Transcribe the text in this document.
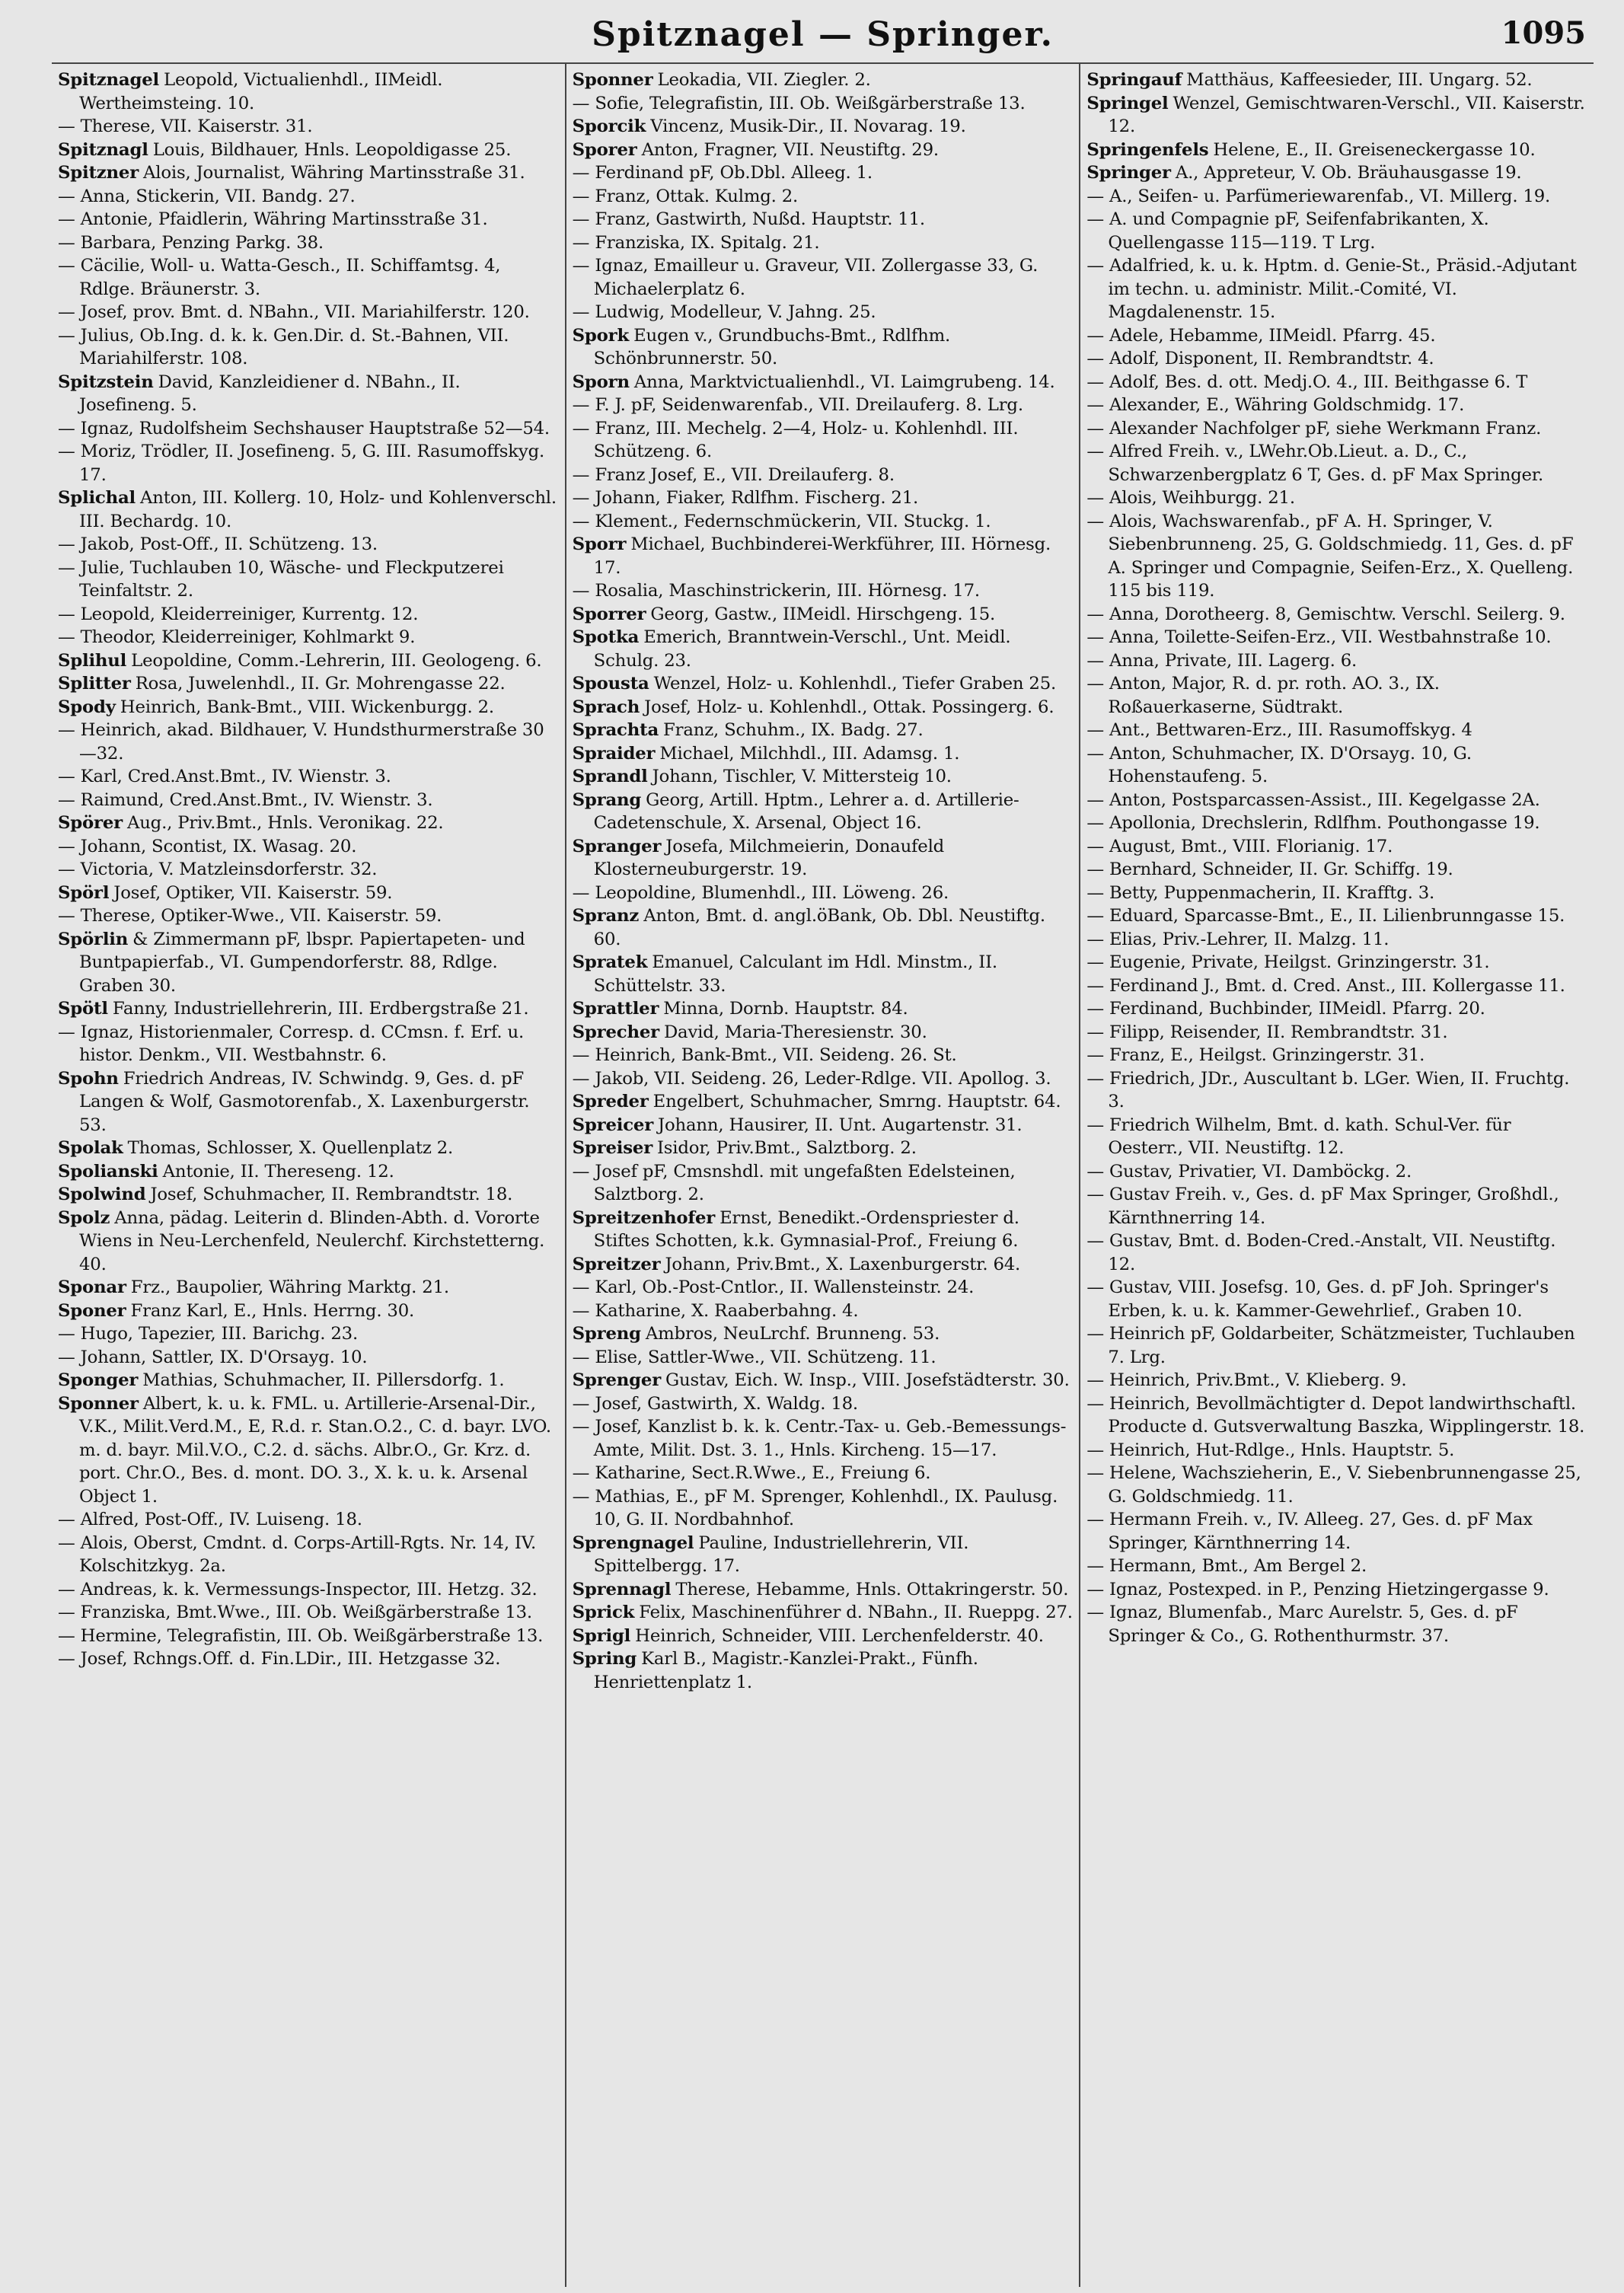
Spitznagel — Springer.	1095
Spitznagel Leopold, Victualienhdl., IIMeidl. Wertheimsteing. 10.
— Therese, VII. Kaiserstr. 31.
Spitznagl Louis, Bildhauer, Hnls. Leopoldigasse 25.
Spitzner Alois, Journalist, Währing Martinsstraße 31.
— Anna, Stickerin, VII. Bandg. 27.
— Antonie, Pfaidlerin, Währing Martinsstraße 31.
— Barbara, Penzing Parkg. 38.
— Cäcilie, Woll- u. Watta-Gesch., II. Schiffamtsg. 4, Rdlge. Bräunerstr. 3.
— Josef, prov. Bmt. d. NBahn., VII. Mariahilferstr. 120.
— Julius, Ob.Ing. d. k. k. Gen.Dir. d. St.-Bahnen, VII. Mariahilferstr. 108.
Spitzstein David, Kanzleidiener d. NBahn., II. Josefineng. 5.
— Ignaz, Rudolfsheim Sechshauser Hauptstraße 52—54.
— Moriz, Trödler, II. Josefineng. 5, G. III. Rasumoffskyg. 17.
Splichal Anton, III. Kollerg. 10, Holz- und Kohlenverschl. III. Bechardg. 10.
— Jakob, Post-Off., II. Schützeng. 13.
— Julie, Tuchlauben 10, Wäsche- und Fleckputzerei Teinfaltstr. 2.
— Leopold, Kleiderreiniger, Kurrentg. 12.
— Theodor, Kleiderreiniger, Kohlmarkt 9.
Splihul Leopoldine, Comm.-Lehrerin, III. Geologeng. 6.
Splitter Rosa, Juwelenhdl., II. Gr. Mohrengasse 22.
Spody Heinrich, Bank-Bmt., VIII. Wickenburgg. 2.
— Heinrich, akad. Bildhauer, V. Hundsthurmerstraße 30—32.
— Karl, Cred.Anst.Bmt., IV. Wienstr. 3.
— Raimund, Cred.Anst.Bmt., IV. Wienstr. 3.
Spörer Aug., Priv.Bmt., Hnls. Veronikag. 22.
— Johann, Scontist, IX. Wasag. 20.
— Victoria, V. Matzleinsdorferstr. 32.
Spörl Josef, Optiker, VII. Kaiserstr. 59.
— Therese, Optiker-Wwe., VII. Kaiserstr. 59.
Spörlin & Zimmermann pF, lbspr. Papiertapeten- und Buntpapierfab., VI. Gumpendorferstr. 88, Rdlge. Graben 30.
Spötl Fanny, Industriellehrerin, III. Erdbergstraße 21.
— Ignaz, Historienmaler, Corresp. d. CCmsn. f. Erf. u. histor. Denkm., VII. Westbahnstr. 6.
Spohn Friedrich Andreas, IV. Schwindg. 9, Ges. d. pF Langen & Wolf, Gasmotorenfab., X. Laxenburgerstr. 53.
Spolak Thomas, Schlosser, X. Quellenplatz 2.
Spolianski Antonie, II. Thereseng. 12.
Spolwind Josef, Schuhmacher, II. Rembrandtstr. 18.
Spolz Anna, pädag. Leiterin d. Blinden-Abth. d. Vororte Wiens in Neu-Lerchenfeld, Neulerchf. Kirchstetterng. 40.
Sponar Frz., Baupolier, Währing Marktg. 21.
Sponer Franz Karl, E., Hnls. Herrng. 30.
— Hugo, Tapezier, III. Barichg. 23.
— Johann, Sattler, IX. D'Orsayg. 10.
Sponger Mathias, Schuhmacher, II. Pillersdorfg. 1.
Sponner Albert, k. u. k. FML. u. Artillerie-Arsenal-Dir., V.K., Milit.Verd.M., E, R.d. r. Stan.O.2., C. d. bayr. LVO. m. d. bayr. Mil.V.O., C.2. d. sächs. Albr.O., Gr. Krz. d. port. Chr.O., Bes. d. mont. DO. 3., X. k. u. k. Arsenal Object 1.
— Alfred, Post-Off., IV. Luiseng. 18.
— Alois, Oberst, Cmdnt. d. Corps-Artill-Rgts. Nr. 14, IV. Kolschitzkyg. 2a.
— Andreas, k. k. Vermessungs-Inspector, III. Hetzg. 32.
— Franziska, Bmt.Wwe., III. Ob. Weißgärberstraße 13.
— Hermine, Telegrafistin, III. Ob. Weißgärberstraße 13.
— Josef, Rchngs.Off. d. Fin.LDir., III. Hetzgasse 32.
Sponner Leokadia, VII. Ziegler. 2.
— Sofie, Telegrafistin, III. Ob. Weißgärberstraße 13.
Sporcik Vincenz, Musik-Dir., II. Novarag. 19.
Sporer Anton, Fragner, VII. Neustiftg. 29.
— Ferdinand pF, Ob.Dbl. Alleeg. 1.
— Franz, Ottak. Kulmg. 2.
— Franz, Gastwirth, Nußd. Hauptstr. 11.
— Franziska, IX. Spitalg. 21.
— Ignaz, Emailleur u. Graveur, VII. Zollergasse 33, G. Michaelerplatz 6.
— Ludwig, Modelleur, V. Jahng. 25.
Spork Eugen v., Grundbuchs-Bmt., Rdlfhm. Schönbrunnerstr. 50.
Sporn Anna, Marktvictualienhdl., VI. Laimgrubeng. 14.
— F. J. pF, Seidenwarenfab., VII. Dreilauferg. 8. Lrg.
— Franz, III. Mechelg. 2—4, Holz- u. Kohlenhdl. III. Schützeng. 6.
— Franz Josef, E., VII. Dreilauferg. 8.
— Johann, Fiaker, Rdlfhm. Fischerg. 21.
— Klement., Federnschmückerin, VII. Stuckg. 1.
Sporr Michael, Buchbinderei-Werkführer, III. Hörnesg. 17.
— Rosalia, Maschinstrickerin, III. Hörnesg. 17.
Sporrer Georg, Gastw., IIMeidl. Hirschgeng. 15.
Spotka Emerich, Branntwein-Verschl., Unt. Meidl. Schulg. 23.
Spousta Wenzel, Holz- u. Kohlenhdl., Tiefer Graben 25.
Sprach Josef, Holz- u. Kohlenhdl., Ottak. Possingerg. 6.
Sprachta Franz, Schuhm., IX. Badg. 27.
Spraider Michael, Milchhdl., III. Adamsg. 1.
Sprandl Johann, Tischler, V. Mittersteig 10.
Sprang Georg, Artill. Hptm., Lehrer a. d. Artillerie-Cadetenschule, X. Arsenal, Object 16.
Spranger Josefa, Milchmeierin, Donaufeld Klosterneuburgerstr. 19.
— Leopoldine, Blumenhdl., III. Löweng. 26.
Spranz Anton, Bmt. d. angl.öBank, Ob. Dbl. Neustiftg. 60.
Spratek Emanuel, Calculant im Hdl. Minstm., II. Schüttelstr. 33.
Sprattler Minna, Dornb. Hauptstr. 84.
Sprecher David, Maria-Theresienstr. 30.
— Heinrich, Bank-Bmt., VII. Seideng. 26. St.
— Jakob, VII. Seideng. 26, Leder-Rdlge. VII. Apollog. 3.
Spreder Engelbert, Schuhmacher, Smrng. Hauptstr. 64.
Spreicer Johann, Hausirer, II. Unt. Augartenstr. 31.
Spreiser Isidor, Priv.Bmt., Salztborg. 2.
— Josef pF, Cmsnshdl. mit ungefaßten Edelsteinen, Salztborg. 2.
Spreitzenhofer Ernst, Benedikt.-Ordenspriester d. Stiftes Schotten, k.k. Gymnasial-Prof., Freiung 6.
Spreitzer Johann, Priv.Bmt., X. Laxenburgerstr. 64.
— Karl, Ob.-Post-Cntlor., II. Wallensteinstr. 24.
— Katharine, X. Raaberbahng. 4.
Spreng Ambros, NeuLrchf. Brunneng. 53.
— Elise, Sattler-Wwe., VII. Schützeng. 11.
Sprenger Gustav, Eich. W. Insp., VIII. Josefstädterstr. 30.
— Josef, Gastwirth, X. Waldg. 18.
— Josef, Kanzlist b. k. k. Centr.-Tax- u. Geb.-Bemessungs-Amte, Milit. Dst. 3. 1., Hnls. Kircheng. 15—17.
— Katharine, Sect.R.Wwe., E., Freiung 6.
— Mathias, E., pF M. Sprenger, Kohlenhdl., IX. Paulusg. 10, G. II. Nordbahnhof.
Sprengnagel Pauline, Industriellehrerin, VII. Spittelbergg. 17.
Sprennagl Therese, Hebamme, Hnls. Ottakringerstr. 50.
Sprick Felix, Maschinenführer d. NBahn., II. Rueppg. 27.
Sprigl Heinrich, Schneider, VIII. Lerchenfelderstr. 40.
Spring Karl B., Magistr.-Kanzlei-Prakt., Fünfh. Henriettenplatz 1.
Springauf Matthäus, Kaffeesieder, III. Ungarg. 52.
Springel Wenzel, Gemischtwaren-Verschl., VII. Kaiserstr. 12.
Springenfels Helene, E., II. Greiseneckergasse 10.
Springer A., Appreteur, V. Ob. Bräuhausgasse 19.
— A., Seifen- u. Parfümeriewarenfab., VI. Millerg. 19.
— A. und Compagnie pF, Seifenfabrikanten, X. Quellengasse 115—119. T Lrg.
— Adalfried, k. u. k. Hptm. d. Genie-St., Präsid.-Adjutant im techn. u. administr. Milit.-Comité, VI. Magdalenenstr. 15.
— Adele, Hebamme, IIMeidl. Pfarrg. 45.
— Adolf, Disponent, II. Rembrandtstr. 4.
— Adolf, Bes. d. ott. Medj.O. 4., III. Beithgasse 6. T
— Alexander, E., Währing Goldschmidg. 17.
— Alexander Nachfolger pF, siehe Werkmann Franz.
— Alfred Freih. v., LWehr.Ob.Lieut. a. D., C., Schwarzenbergplatz 6 T, Ges. d. pF Max Springer.
— Alois, Weihburgg. 21.
— Alois, Wachswarenfab., pF A. H. Springer, V. Siebenbrunneng. 25, G. Goldschmiedg. 11, Ges. d. pF A. Springer und Compagnie, Seifen-Erz., X. Quelleng. 115 bis 119.
— Anna, Dorotheerg. 8, Gemischtw. Verschl. Seilerg. 9.
— Anna, Toilette-Seifen-Erz., VII. Westbahnstraße 10.
— Anna, Private, III. Lagerg. 6.
— Anton, Major, R. d. pr. roth. AO. 3., IX. Roßauerkaserne, Südtrakt.
— Ant., Bettwaren-Erz., III. Rasumoffskyg. 4
— Anton, Schuhmacher, IX. D'Orsayg. 10, G. Hohenstaufeng. 5.
— Anton, Postsparcassen-Assist., III. Kegelgasse 2A.
— Apollonia, Drechslerin, Rdlfhm. Pouthongasse 19.
— August, Bmt., VIII. Florianig. 17.
— Bernhard, Schneider, II. Gr. Schiffg. 19.
— Betty, Puppenmacherin, II. Krafftg. 3.
— Eduard, Sparcasse-Bmt., E., II. Lilienbrunngasse 15.
— Elias, Priv.-Lehrer, II. Malzg. 11.
— Eugenie, Private, Heilgst. Grinzingerstr. 31.
— Ferdinand J., Bmt. d. Cred. Anst., III. Kollergasse 11.
— Ferdinand, Buchbinder, IIMeidl. Pfarrg. 20.
— Filipp, Reisender, II. Rembrandtstr. 31.
— Franz, E., Heilgst. Grinzingerstr. 31.
— Friedrich, JDr., Auscultant b. LGer. Wien, II. Fruchtg. 3.
— Friedrich Wilhelm, Bmt. d. kath. Schul-Ver. für Oesterr., VII. Neustiftg. 12.
— Gustav, Privatier, VI. Damböckg. 2.
— Gustav Freih. v., Ges. d. pF Max Springer, Großhdl., Kärnthnerring 14.
— Gustav, Bmt. d. Boden-Cred.-Anstalt, VII. Neustiftg. 12.
— Gustav, VIII. Josefsg. 10, Ges. d. pF Joh. Springer's Erben, k. u. k. Kammer-Gewehrlief., Graben 10.
— Heinrich pF, Goldarbeiter, Schätzmeister, Tuchlauben 7. Lrg.
— Heinrich, Priv.Bmt., V. Klieberg. 9.
— Heinrich, Bevollmächtigter d. Depot landwirthschaftl. Producte d. Gutsverwaltung Baszka, Wipplingerstr. 18.
— Heinrich, Hut-Rdlge., Hnls. Hauptstr. 5.
— Helene, Wachszieherin, E., V. Siebenbrunnengasse 25, G. Goldschmiedg. 11.
— Hermann Freih. v., IV. Alleeg. 27, Ges. d. pF Max Springer, Kärnthnerring 14.
— Hermann, Bmt., Am Bergel 2.
— Ignaz, Postexped. in P., Penzing Hietzingergasse 9.
— Ignaz, Blumenfab., Marc Aurelstr. 5, Ges. d. pF Springer & Co., G. Rothenthurmstr. 37.
